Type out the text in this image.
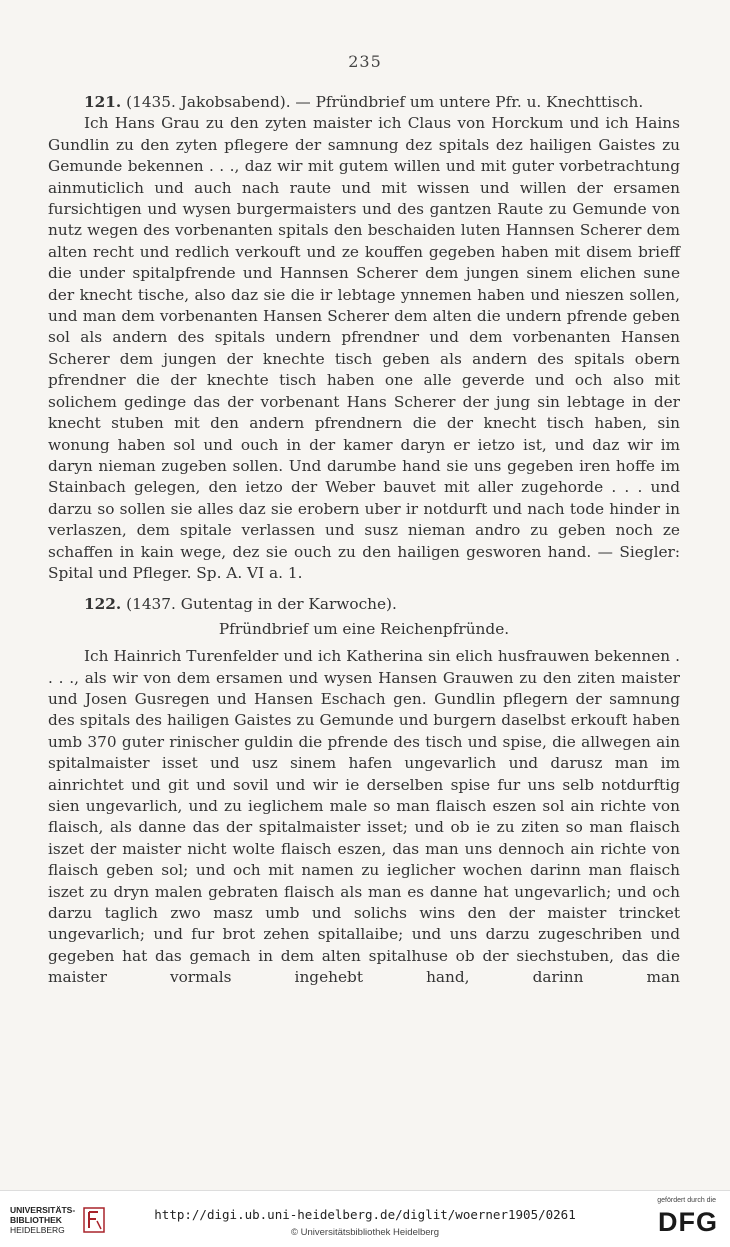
235

121. (1435. Jakobsabend). — Pfründbrief um untere Pfr. u. Knechttisch.

Ich Hans Grau zu den zyten maister ich Claus von Horckum und ich Hains Gundlin zu den zyten pflegere der samnung dez spitals dez hailigen Gaistes zu Gemunde bekennen . . ., daz wir mit gutem willen und mit guter vorbetrachtung ainmuticlich und auch nach raute und mit wissen und willen der ersamen fursichtigen und wysen burgermaisters und des gantzen Raute zu Gemunde von nutz wegen des vorbenanten spitals den beschaiden luten Hannsen Scherer dem alten recht und redlich verkouft und ze kouffen gegeben haben mit disem brieff die under spitalpfrende und Hannsen Scherer dem jungen sinem elichen sune der knecht tische, also daz sie die ir lebtage ynnemen haben und nieszen sollen, und man dem vorbenanten Hansen Scherer dem alten die undern pfrende geben sol als andern des spitals undern pfrendner und dem vorbenanten Hansen Scherer dem jungen der knechte tisch geben als andern des spitals obern pfrendner die der knechte tisch haben one alle geverde und och also mit solichem gedinge das der vorbenant Hans Scherer der jung sin lebtage in der knecht stuben mit den andern pfrendnern die der knecht tisch haben, sin wonung haben sol und ouch in der kamer daryn er ietzo ist, und daz wir im daryn nieman zugeben sollen. Und darumbe hand sie uns gegeben iren hoffe im Stainbach gelegen, den ietzo der Weber bauvet mit aller zugehorde . . . und darzu so sollen sie alles daz sie erobern uber ir notdurft und nach tode hinder in verlaszen, dem spitale verlassen und susz nieman andro zu geben noch ze schaffen in kain wege, dez sie ouch zu den hailigen gesworen hand. — Siegler: Spital und Pfleger. Sp. A. VI a. 1.

122. (1437. Gutentag in der Karwoche).

Pfründbrief um eine Reichenpfründe.

Ich Hainrich Turenfelder und ich Katherina sin elich husfrauwen bekennen . . . ., als wir von dem ersamen und wysen Hansen Grauwen zu den ziten maister und Josen Gusregen und Hansen Eschach gen. Gundlin pflegern der samnung des spitals des hailigen Gaistes zu Gemunde und burgern daselbst erkouft haben umb 370 guter rinischer guldin die pfrende des tisch und spise, die allwegen ain spitalmaister isset und usz sinem hafen ungevarlich und darusz man im ainrichtet und git und sovil und wir ie derselben spise fur uns selb notdurftig sien ungevarlich, und zu ieglichem male so man flaisch eszen sol ain richte von flaisch, als danne das der spitalmaister isset; und ob ie zu ziten so man flaisch iszet der maister nicht wolte flaisch eszen, das man uns dennoch ain richte von flaisch geben sol; und och mit namen zu ieglicher wochen darinn man flaisch iszet zu dryn malen gebraten flaisch als man es danne hat ungevarlich; und och darzu taglich zwo masz umb und solichs wins den der maister trincket ungevarlich; und fur brot zehen spitallaibe; und uns darzu zugeschriben und gegeben hat das gemach in dem alten spitalhuse ob der siechstuben, das die maister vormals ingehebt hand, darinn man

UNIVERSITÄTS-
BIBLIOTHEK
HEIDELBERG
http://digi.ub.uni-heidelberg.de/diglit/woerner1905/0261
© Universitätsbibliothek Heidelberg
gefördert durch die
DFG
